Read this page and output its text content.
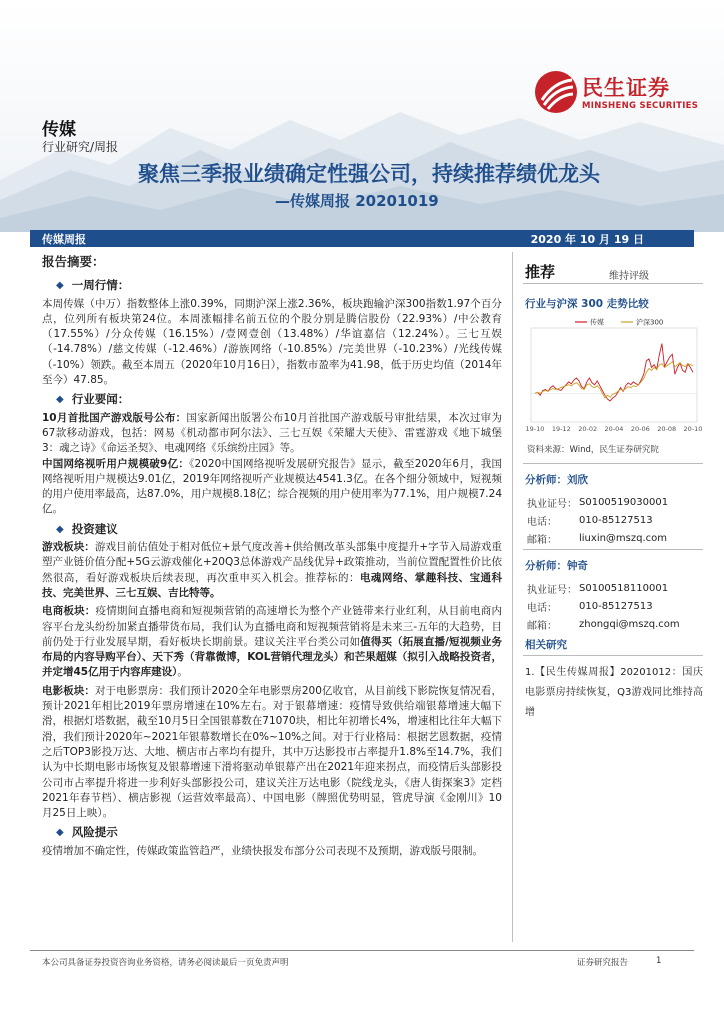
民生证券
MINSHENG SECURITIES
传媒
行业研究/周报
聚焦三季报业绩确定性强公司，持续推荐绩优龙头
—传媒周报 20201019
传媒周报	2020 年 10 月 19 日
报告摘要：
◆ 一周行情：
本周传媒（中万）指数整体上涨0.39%，同期沪深上涨2.36%，板块跑输沪深300指数1.97个百分点，位列所有板块第24位。本周涨幅排名前五位的个股分别是腾信股份（22.93%）/中公教育（17.55%）/分众传媒（16.15%）/壹网壹创（13.48%）/华谊嘉信（12.24%）。三七互娱（-14.78%）/慈文传媒（-12.46%）/游族网络（-10.85%）/完美世界（-10.23%）/光线传媒（-10%）领跌。截至本周五（2020年10月16日），指数市盈率为41.98，低于历史均值（2014年至今）47.85。
◆ 行业要闻：
10月首批国产游戏版号公布：国家新闻出版署公布10月首批国产游戏版号审批结果，本次过审为67款移动游戏，包括：网易《机动都市阿尔法》、三七互娱《荣耀大天使》、雷霆游戏《地下城堡3：魂之诗》《命运圣契》、电魂网络《乐缤纷庄园》等。
中国网络视听用户规模破9亿：《2020中国网络视听发展研究报告》显示，截至2020年6月，我国网络视听用户规模达9.01亿，2019年网络视听产业规模达4541.3亿。在各个细分领域中，短视频的用户使用率最高，达87.0%，用户规模8.18亿；综合视频的用户使用率为77.1%，用户规模7.24亿。
◆ 投资建议
游戏板块：游戏目前估值处于相对低位+景气度改善+供给侧改革头部集中度提升+字节入局游戏重塑产业链价值分配+5G云游戏催化+20Q3总体游戏产品线优异+政策推动，当前位置配置性价比依然很高，看好游戏板块后续表现，再次重申买入机会。推荐标的：电魂网络、掌趣科技、宝通科技、完美世界、三七互娱、吉比特等。
电商板块：疫情期间直播电商和短视频营销的高速增长为整个产业链带来行业红利，从目前电商内容平台龙头纷纷加紧直播带货布局，我们认为直播电商和短视频营销将是未来三-五年的大趋势，目前仍处于行业发展早期，看好板块长期前景。建议关注平台类公司如值得买（拓展直播/短视频业务布局的内容导购平台）、天下秀（背靠微博，KOL营销代理龙头）和芒果超媒（拟引入战略投资者，并定增45亿用于内容库建设）。
电影板块：对于电影票房：我们预计2020全年电影票房200亿收官，从目前线下影院恢复情况看，预计2021年相比2019年票房增速在10%左右。对于银幕增速：疫情导致供给端银幕增速大幅下滑，根据灯塔数据，截至10月5日全国银幕数在71070块，相比年初增长4%，增速相比往年大幅下滑，我们预计2020年~2021年银幕数增长在0%~10%之间。对于行业格局：根据艺恩数据，疫情之后TOP3影投万达、大地、横店市占率均有提升，其中万达影投市占率提升1.8%至14.7%，我们认为中长期电影市场恢复及银幕增速下滑将驱动单银幕产出在2021年迎来拐点，而疫情后头部影投公司市占率提升将进一步利好头部影投公司，建议关注万达电影（院线龙头，《唐人街探案3》定档2021年春节档）、横店影视（运营效率最高）、中国电影（牌照优势明显，管虎导演《金刚川》10月25日上映）。
◆ 风险提示
疫情增加不确定性，传媒政策监管趋严，业绩快报发布部分公司表现不及预期，游戏版号限制。
推荐	维持评级
行业与沪深 300 走势比较
传媒	沪深300
19-10 19-12 20-02 20-04 20-06 20-08 20-10
资料来源：Wind，民生证券研究院
分析师：刘欣
执业证号： S0100519030001
电话：	010-85127513
邮箱：	liuxin@mszq.com
分析师：钟奇
执业证号： S0100518110001
电话：	010-85127513
邮箱：	zhongqi@mszq.com
相关研究
1.【民生传媒周报】20201012：国庆电影票房持续恢复，Q3游戏同比维持高增
本公司具备证券投资咨询业务资格，请务必阅读最后一页免责声明	证券研究报告	1
